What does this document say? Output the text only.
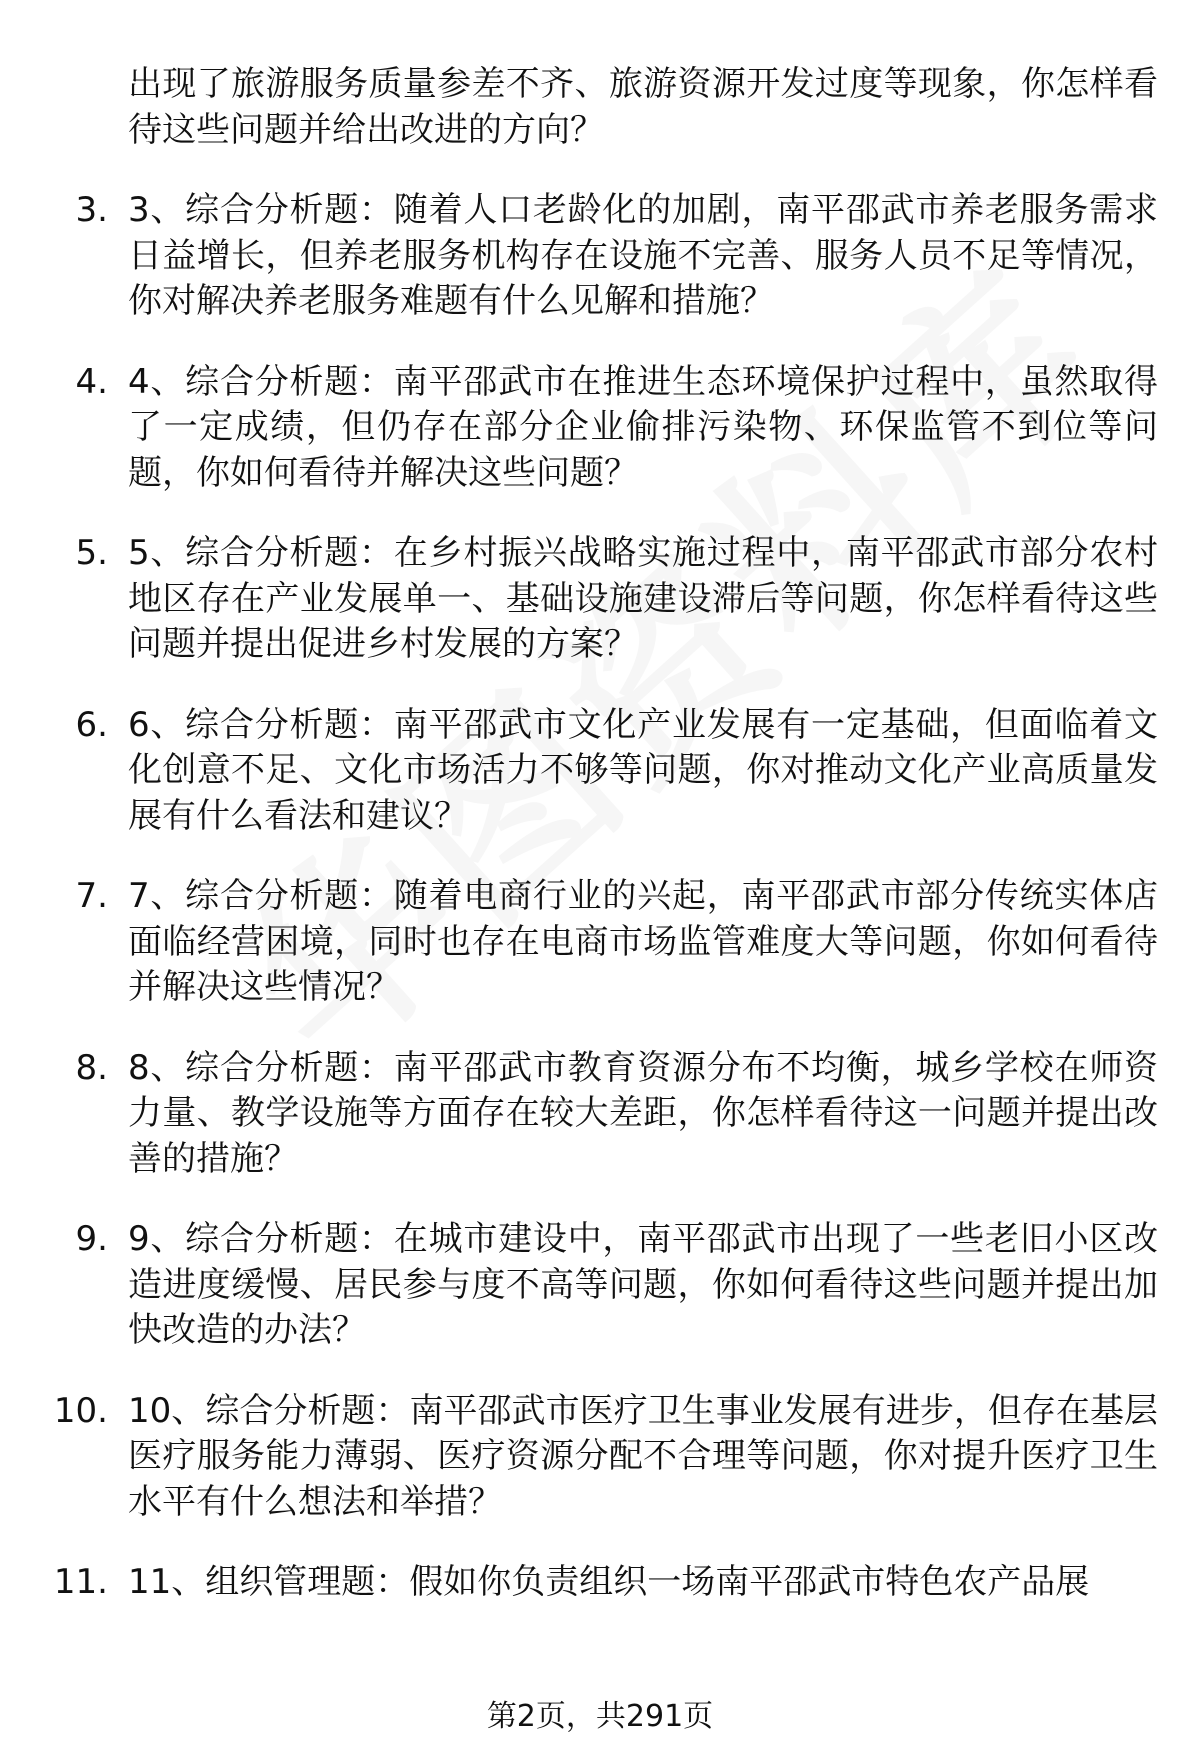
出现了旅游服务质量参差不齐、旅游资源开发过度等现象，你怎样看待这些问题并给出改进的方向？
3. 3、综合分析题：随着人口老龄化的加剧，南平邵武市养老服务需求日益增长，但养老服务机构存在设施不完善、服务人员不足等情况，你对解决养老服务难题有什么见解和措施？
4. 4、综合分析题：南平邵武市在推进生态环境保护过程中，虽然取得了一定成绩，但仍存在部分企业偷排污染物、环保监管不到位等问题，你如何看待并解决这些问题？
5. 5、综合分析题：在乡村振兴战略实施过程中，南平邵武市部分农村地区存在产业发展单一、基础设施建设滞后等问题，你怎样看待这些问题并提出促进乡村发展的方案？
6. 6、综合分析题：南平邵武市文化产业发展有一定基础，但面临着文化创意不足、文化市场活力不够等问题，你对推动文化产业高质量发展有什么看法和建议？
7. 7、综合分析题：随着电商行业的兴起，南平邵武市部分传统实体店面临经营困境，同时也存在电商市场监管难度大等问题，你如何看待并解决这些情况？
8. 8、综合分析题：南平邵武市教育资源分布不均衡，城乡学校在师资力量、教学设施等方面存在较大差距，你怎样看待这一问题并提出改善的措施？
9. 9、综合分析题：在城市建设中，南平邵武市出现了一些老旧小区改造进度缓慢、居民参与度不高等问题，你如何看待这些问题并提出加快改造的办法？
10. 10、综合分析题：南平邵武市医疗卫生事业发展有进步，但存在基层医疗服务能力薄弱、医疗资源分配不合理等问题，你对提升医疗卫生水平有什么想法和举措？
11. 11、组织管理题：假如你负责组织一场南平邵武市特色农产品展
第2页，共291页
